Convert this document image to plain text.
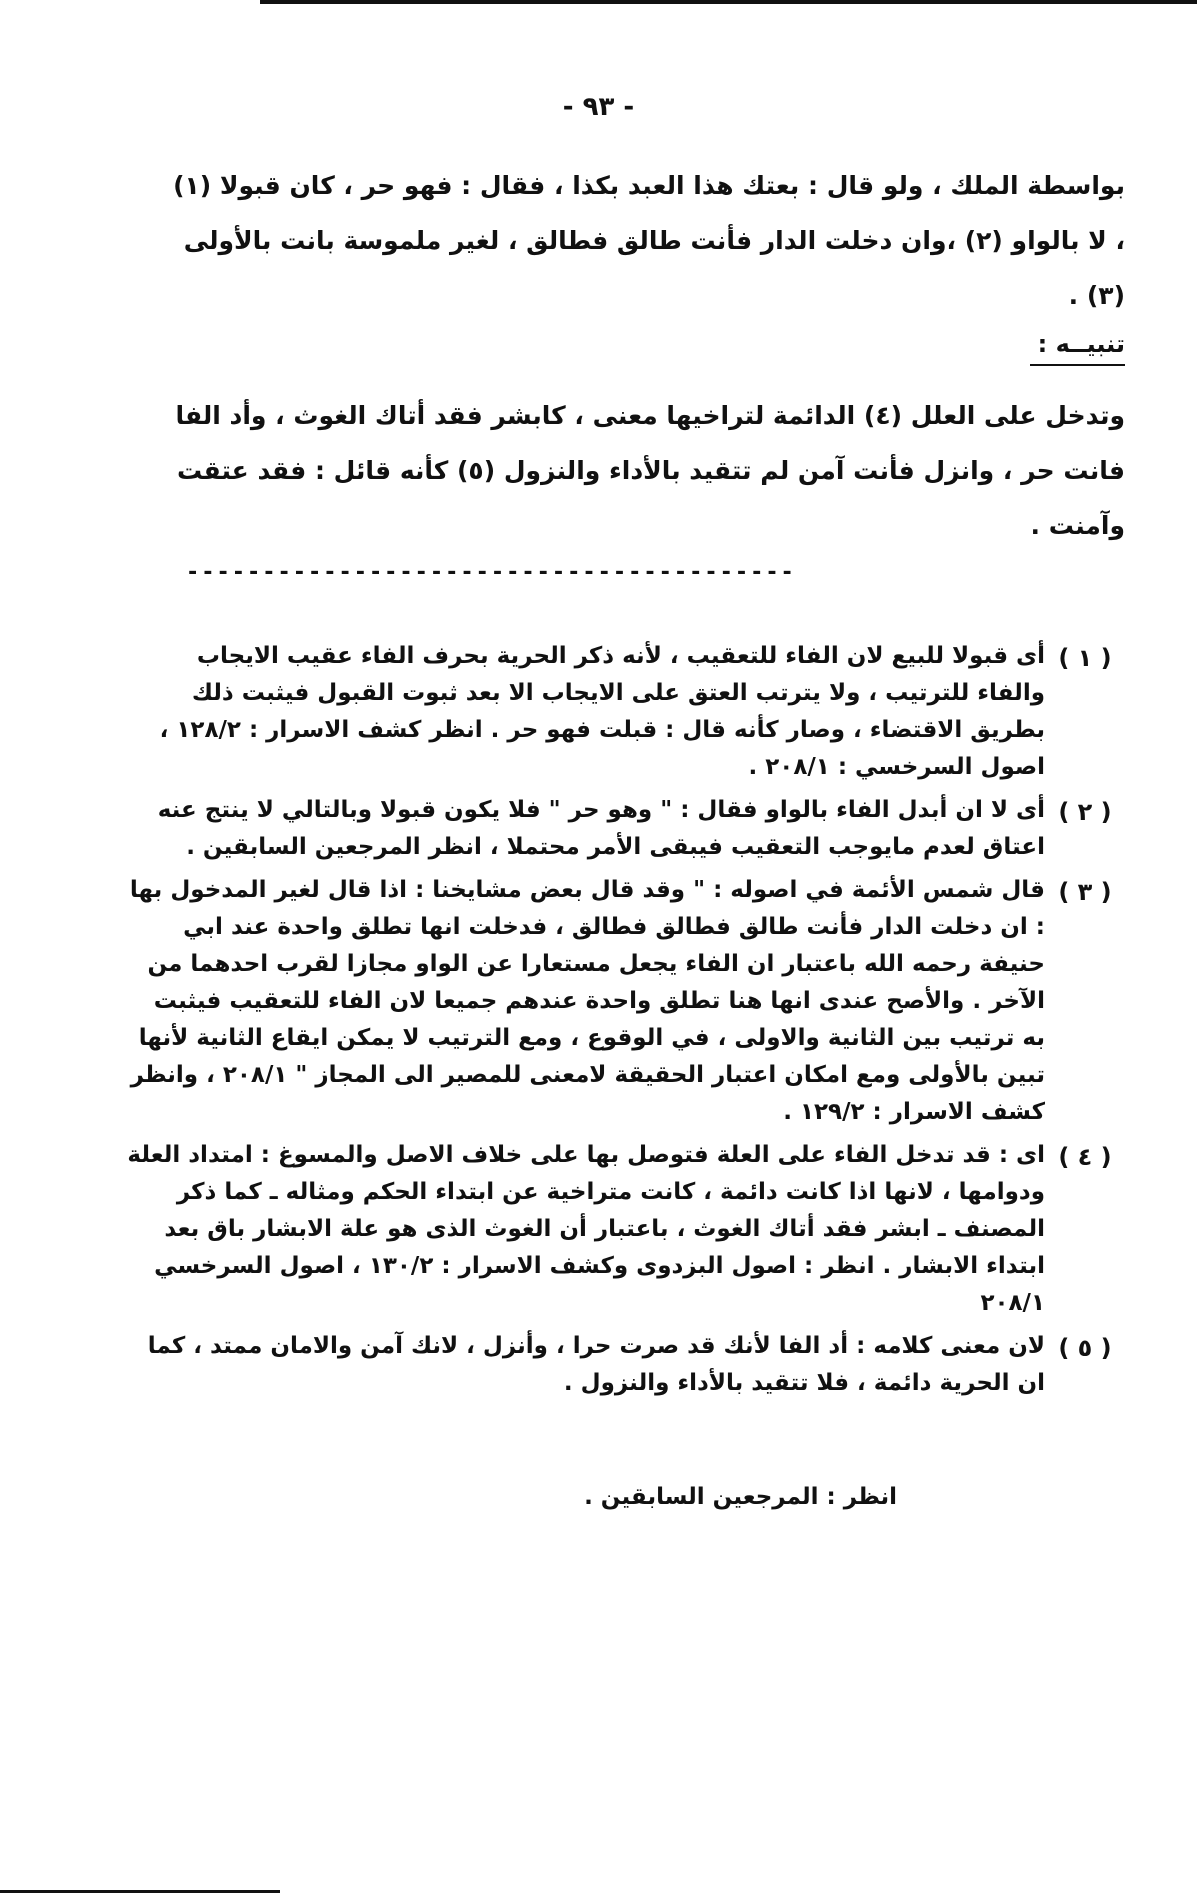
- ٩٣ -
بواسطة الملك ، ولو قال : بعتك هذا العبد بكذا ، فقال : فهو حر ، كان قبولا (١) ، لا بالواو (٢) ،وان دخلت الدار فأنت طالق فطالق ، لغير ملموسة بانت بالأولى (٣) .
تنبيــه :
وتدخل على العلل (٤) الدائمة لتراخيها معنى ، كابشر فقد أتاك الغوث ، وأد الفا فانت حر ، وانزل فأنت آمن لم تتقيد بالأداء والنزول (٥) كأنه قائل : فقد عتقت وآمنت .
----------------------------------------
( ١ )
أى قبولا للبيع لان الفاء للتعقيب ، لأنه ذكر الحرية بحرف الفاء عقيب الايجاب والفاء للترتيب ، ولا يترتب العتق على الايجاب الا بعد ثبوت القبول فيثبت ذلك بطريق الاقتضاء ، وصار كأنه قال : قبلت فهو حر . انظر كشف الاسرار : ١٢٨/٢ ، اصول السرخسي : ٢٠٨/١ .
( ٢ )
أى لا ان أبدل الفاء بالواو فقال : " وهو حر " فلا يكون قبولا وبالتالي لا ينتج عنه اعتاق لعدم مايوجب التعقيب فيبقى الأمر محتملا ، انظر المرجعين السابقين .
( ٣ )
قال شمس الأئمة في اصوله : " وقد قال بعض مشايخنا : اذا قال لغير المدخول بها : ان دخلت الدار فأنت طالق فطالق فطالق ، فدخلت انها تطلق واحدة عند ابي حنيفة رحمه الله باعتبار ان الفاء يجعل مستعارا عن الواو مجازا لقرب احدهما من الآخر . والأصح عندى انها هنا تطلق واحدة عندهم جميعا لان الفاء للتعقيب فيثبت به ترتيب بين الثانية والاولى ، في الوقوع ، ومع الترتيب لا يمكن ايقاع الثانية لأنها تبين بالأولى ومع امكان اعتبار الحقيقة لامعنى للمصير الى المجاز " ٢٠٨/١ ، وانظر كشف الاسرار : ١٢٩/٢ .
( ٤ )
اى : قد تدخل الفاء على العلة فتوصل بها على خلاف الاصل والمسوغ : امتداد العلة ودوامها ، لانها اذا كانت دائمة ، كانت متراخية عن ابتداء الحكم ومثاله ـ كما ذكر المصنف ـ ابشر فقد أتاك الغوث ، باعتبار أن الغوث الذى هو علة الابشار باق بعد ابتداء الابشار . انظر : اصول البزدوى وكشف الاسرار : ١٣٠/٢ ، اصول السرخسي ٢٠٨/١
( ٥ )
لان معنى كلامه : أد الفا لأنك قد صرت حرا ، وأنزل ، لانك آمن والامان ممتد ، كما ان الحرية دائمة ، فلا تتقيد بالأداء والنزول .
انظر : المرجعين السابقين .
